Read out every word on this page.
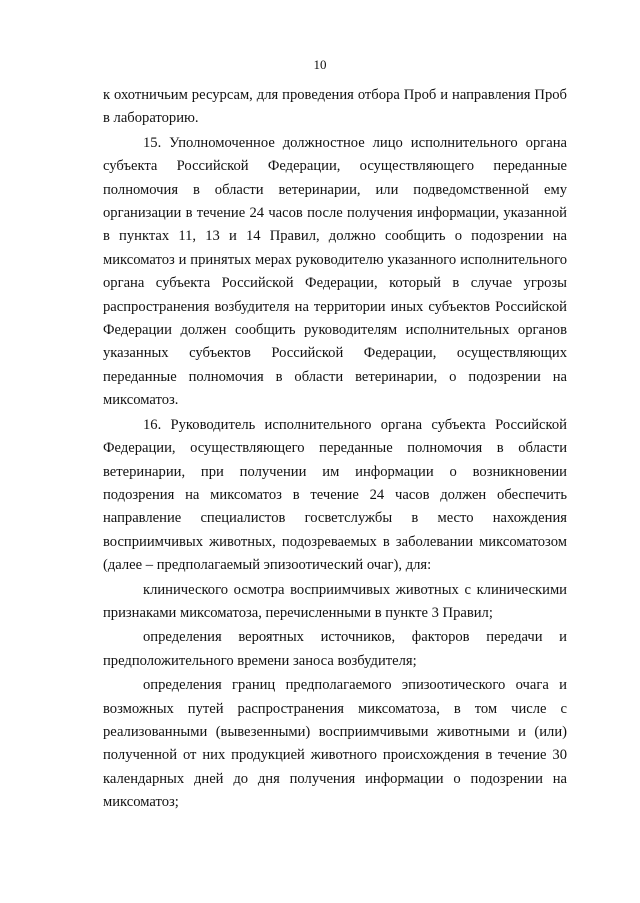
10

к охотничьим ресурсам, для проведения отбора Проб и направления Проб в лабораторию.

15. Уполномоченное должностное лицо исполнительного органа субъекта Российской Федерации, осуществляющего переданные полномочия в области ветеринарии, или подведомственной ему организации в течение 24 часов после получения информации, указанной в пунктах 11, 13 и 14 Правил, должно сообщить о подозрении на миксоматоз и принятых мерах руководителю указанного исполнительного органа субъекта Российской Федерации, который в случае угрозы распространения возбудителя на территории иных субъектов Российской Федерации должен сообщить руководителям исполнительных органов указанных субъектов Российской Федерации, осуществляющих переданные полномочия в области ветеринарии, о подозрении на миксоматоз.

16. Руководитель исполнительного органа субъекта Российской Федерации, осуществляющего переданные полномочия в области ветеринарии, при получении им информации о возникновении подозрения на миксоматоз в течение 24 часов должен обеспечить направление специалистов госветслужбы в место нахождения восприимчивых животных, подозреваемых в заболевании миксоматозом (далее – предполагаемый эпизоотический очаг), для:

клинического осмотра восприимчивых животных с клиническими признаками миксоматоза, перечисленными в пункте 3 Правил;

определения вероятных источников, факторов передачи и предположительного времени заноса возбудителя;

определения границ предполагаемого эпизоотического очага и возможных путей распространения миксоматоза, в том числе с реализованными (вывезенными) восприимчивыми животными и (или) полученной от них продукцией животного происхождения в течение 30 календарных дней до дня получения информации о подозрении на миксоматоз;
